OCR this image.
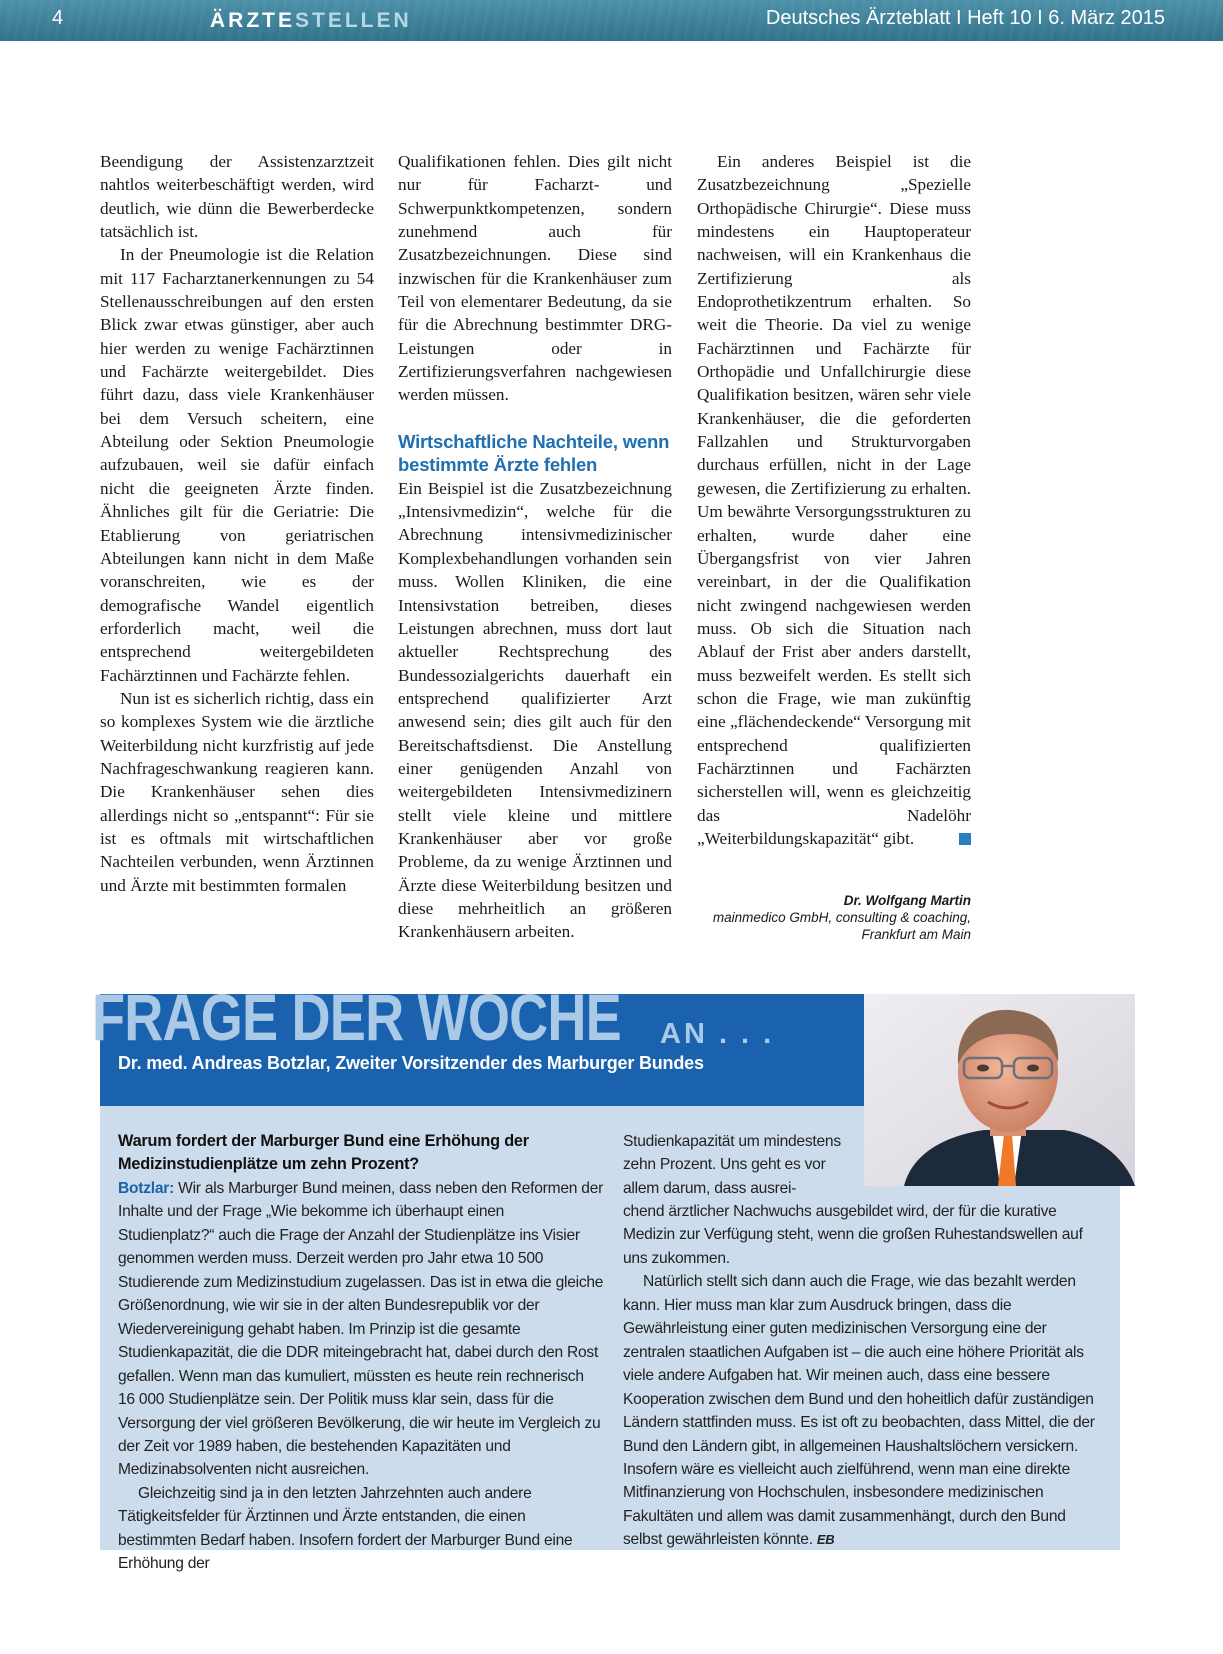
4	ÄRZTESTELLEN	Deutsches Ärzteblatt I Heft 10 I 6. März 2015

Beendigung der Assistenzarztzeit nahtlos weiterbeschäftigt werden, wird deutlich, wie dünn die Bewerberdecke tatsächlich ist.

In der Pneumologie ist die Relation mit 117 Facharztanerkennungen zu 54 Stellenausschreibungen auf den ersten Blick zwar etwas günstiger, aber auch hier werden zu wenige Fachärztinnen und Fachärzte weitergebildet. Dies führt dazu, dass viele Krankenhäuser bei dem Versuch scheitern, eine Abteilung oder Sektion Pneumologie aufzubauen, weil sie dafür einfach nicht die geeigneten Ärzte finden. Ähnliches gilt für die Geriatrie: Die Etablierung von geriatrischen Abteilungen kann nicht in dem Maße voranschreiten, wie es der demografische Wandel eigentlich erforderlich macht, weil die entsprechend weitergebildeten Fachärztinnen und Fachärzte fehlen.

Nun ist es sicherlich richtig, dass ein so komplexes System wie die ärztliche Weiterbildung nicht kurzfristig auf jede Nachfrageschwankung reagieren kann. Die Krankenhäuser sehen dies allerdings nicht so „entspannt“: Für sie ist es oftmals mit wirtschaftlichen Nachteilen verbunden, wenn Ärztinnen und Ärzte mit bestimmten formalen

Qualifikationen fehlen. Dies gilt nicht nur für Facharzt- und Schwerpunktkompetenzen, sondern zunehmend auch für Zusatzbezeichnungen. Diese sind inzwischen für die Krankenhäuser zum Teil von elementarer Bedeutung, da sie für die Abrechnung bestimmter DRG-Leistungen oder in Zertifizierungsverfahren nachgewiesen werden müssen.

Wirtschaftliche Nachteile, wenn bestimmte Ärzte fehlen

Ein Beispiel ist die Zusatzbezeichnung „Intensivmedizin“, welche für die Abrechnung intensivmedizinischer Komplexbehandlungen vorhanden sein muss. Wollen Kliniken, die eine Intensivstation betreiben, dieses Leistungen abrechnen, muss dort laut aktueller Rechtsprechung des Bundessozialgerichts dauerhaft ein entsprechend qualifizierter Arzt anwesend sein; dies gilt auch für den Bereitschaftsdienst. Die Anstellung einer genügenden Anzahl von weitergebildeten Intensivmedizinern stellt viele kleine und mittlere Krankenhäuser aber vor große Probleme, da zu wenige Ärztinnen und Ärzte diese Weiterbildung besitzen und diese mehrheitlich an größeren Krankenhäusern arbeiten.

Ein anderes Beispiel ist die Zusatzbezeichnung „Spezielle Orthopädische Chirurgie“. Diese muss mindestens ein Hauptoperateur nachweisen, will ein Krankenhaus die Zertifizierung als Endoprothetikzentrum erhalten. So weit die Theorie. Da viel zu wenige Fachärztinnen und Fachärzte für Orthopädie und Unfallchirurgie diese Qualifikation besitzen, wären sehr viele Krankenhäuser, die die geforderten Fallzahlen und Strukturvorgaben durchaus erfüllen, nicht in der Lage gewesen, die Zertifizierung zu erhalten. Um bewährte Versorgungsstrukturen zu erhalten, wurde daher eine Übergangsfrist von vier Jahren vereinbart, in der die Qualifikation nicht zwingend nachgewiesen werden muss. Ob sich die Situation nach Ablauf der Frist aber anders darstellt, muss bezweifelt werden. Es stellt sich schon die Frage, wie man zukünftig eine „flächendeckende“ Versorgung mit entsprechend qualifizierten Fachärztinnen und Fachärzten sicherstellen will, wenn es gleichzeitig das Nadelöhr „Weiterbildungskapazität“ gibt.

Dr. Wolfgang Martin
mainmedico GmbH, consulting & coaching,
Frankfurt am Main
FRAGE DER WOCHE	AN . . .
Dr. med. Andreas Botzlar, Zweiter Vorsitzender des Marburger Bundes
Warum fordert der Marburger Bund eine Erhöhung der Medizinstudienplätze um zehn Prozent?

Botzlar: Wir als Marburger Bund meinen, dass neben den Reformen der Inhalte und der Frage „Wie bekomme ich überhaupt einen Studienplatz?“ auch die Frage der Anzahl der Studienplätze ins Visier genommen werden muss. Derzeit werden pro Jahr etwa 10 500 Studierende zum Medizinstudium zugelassen. Das ist in etwa die gleiche Größenordnung, wie wir sie in der alten Bundesrepublik vor der Wiedervereinigung gehabt haben. Im Prinzip ist die gesamte Studienkapazität, die die DDR miteingebracht hat, dabei durch den Rost gefallen. Wenn man das kumuliert, müssten es heute rein rechnerisch 16 000 Studienplätze sein. Der Politik muss klar sein, dass für die Versorgung der viel größeren Bevölkerung, die wir heute im Vergleich zu der Zeit vor 1989 haben, die bestehenden Kapazitäten und Medizinabsolventen nicht ausreichen.

Gleichzeitig sind ja in den letzten Jahrzehnten auch andere Tätigkeitsfelder für Ärztinnen und Ärzte entstanden, die einen bestimmten Bedarf haben. Insofern fordert der Marburger Bund eine Erhöhung der

Studienkapazität um mindestens zehn Prozent. Uns geht es vor allem darum, dass ausrei-

chend ärztlicher Nachwuchs ausgebildet wird, der für die kurative Medizin zur Verfügung steht, wenn die großen Ruhestandswellen auf uns zukommen.

Natürlich stellt sich dann auch die Frage, wie das bezahlt werden kann. Hier muss man klar zum Ausdruck bringen, dass die Gewährleistung einer guten medizinischen Versorgung eine der zentralen staatlichen Aufgaben ist – die auch eine höhere Priorität als viele andere Aufgaben hat. Wir meinen auch, dass eine bessere Kooperation zwischen dem Bund und den hoheitlich dafür zuständigen Ländern stattfinden muss. Es ist oft zu beobachten, dass Mittel, die der Bund den Ländern gibt, in allgemeinen Haushaltslöchern versickern. Insofern wäre es vielleicht auch zielführend, wenn man eine direkte Mitfinanzierung von Hochschulen, insbesondere medizinischen Fakultäten und allem was damit zusammenhängt, durch den Bund selbst gewährleisten könnte. EB
